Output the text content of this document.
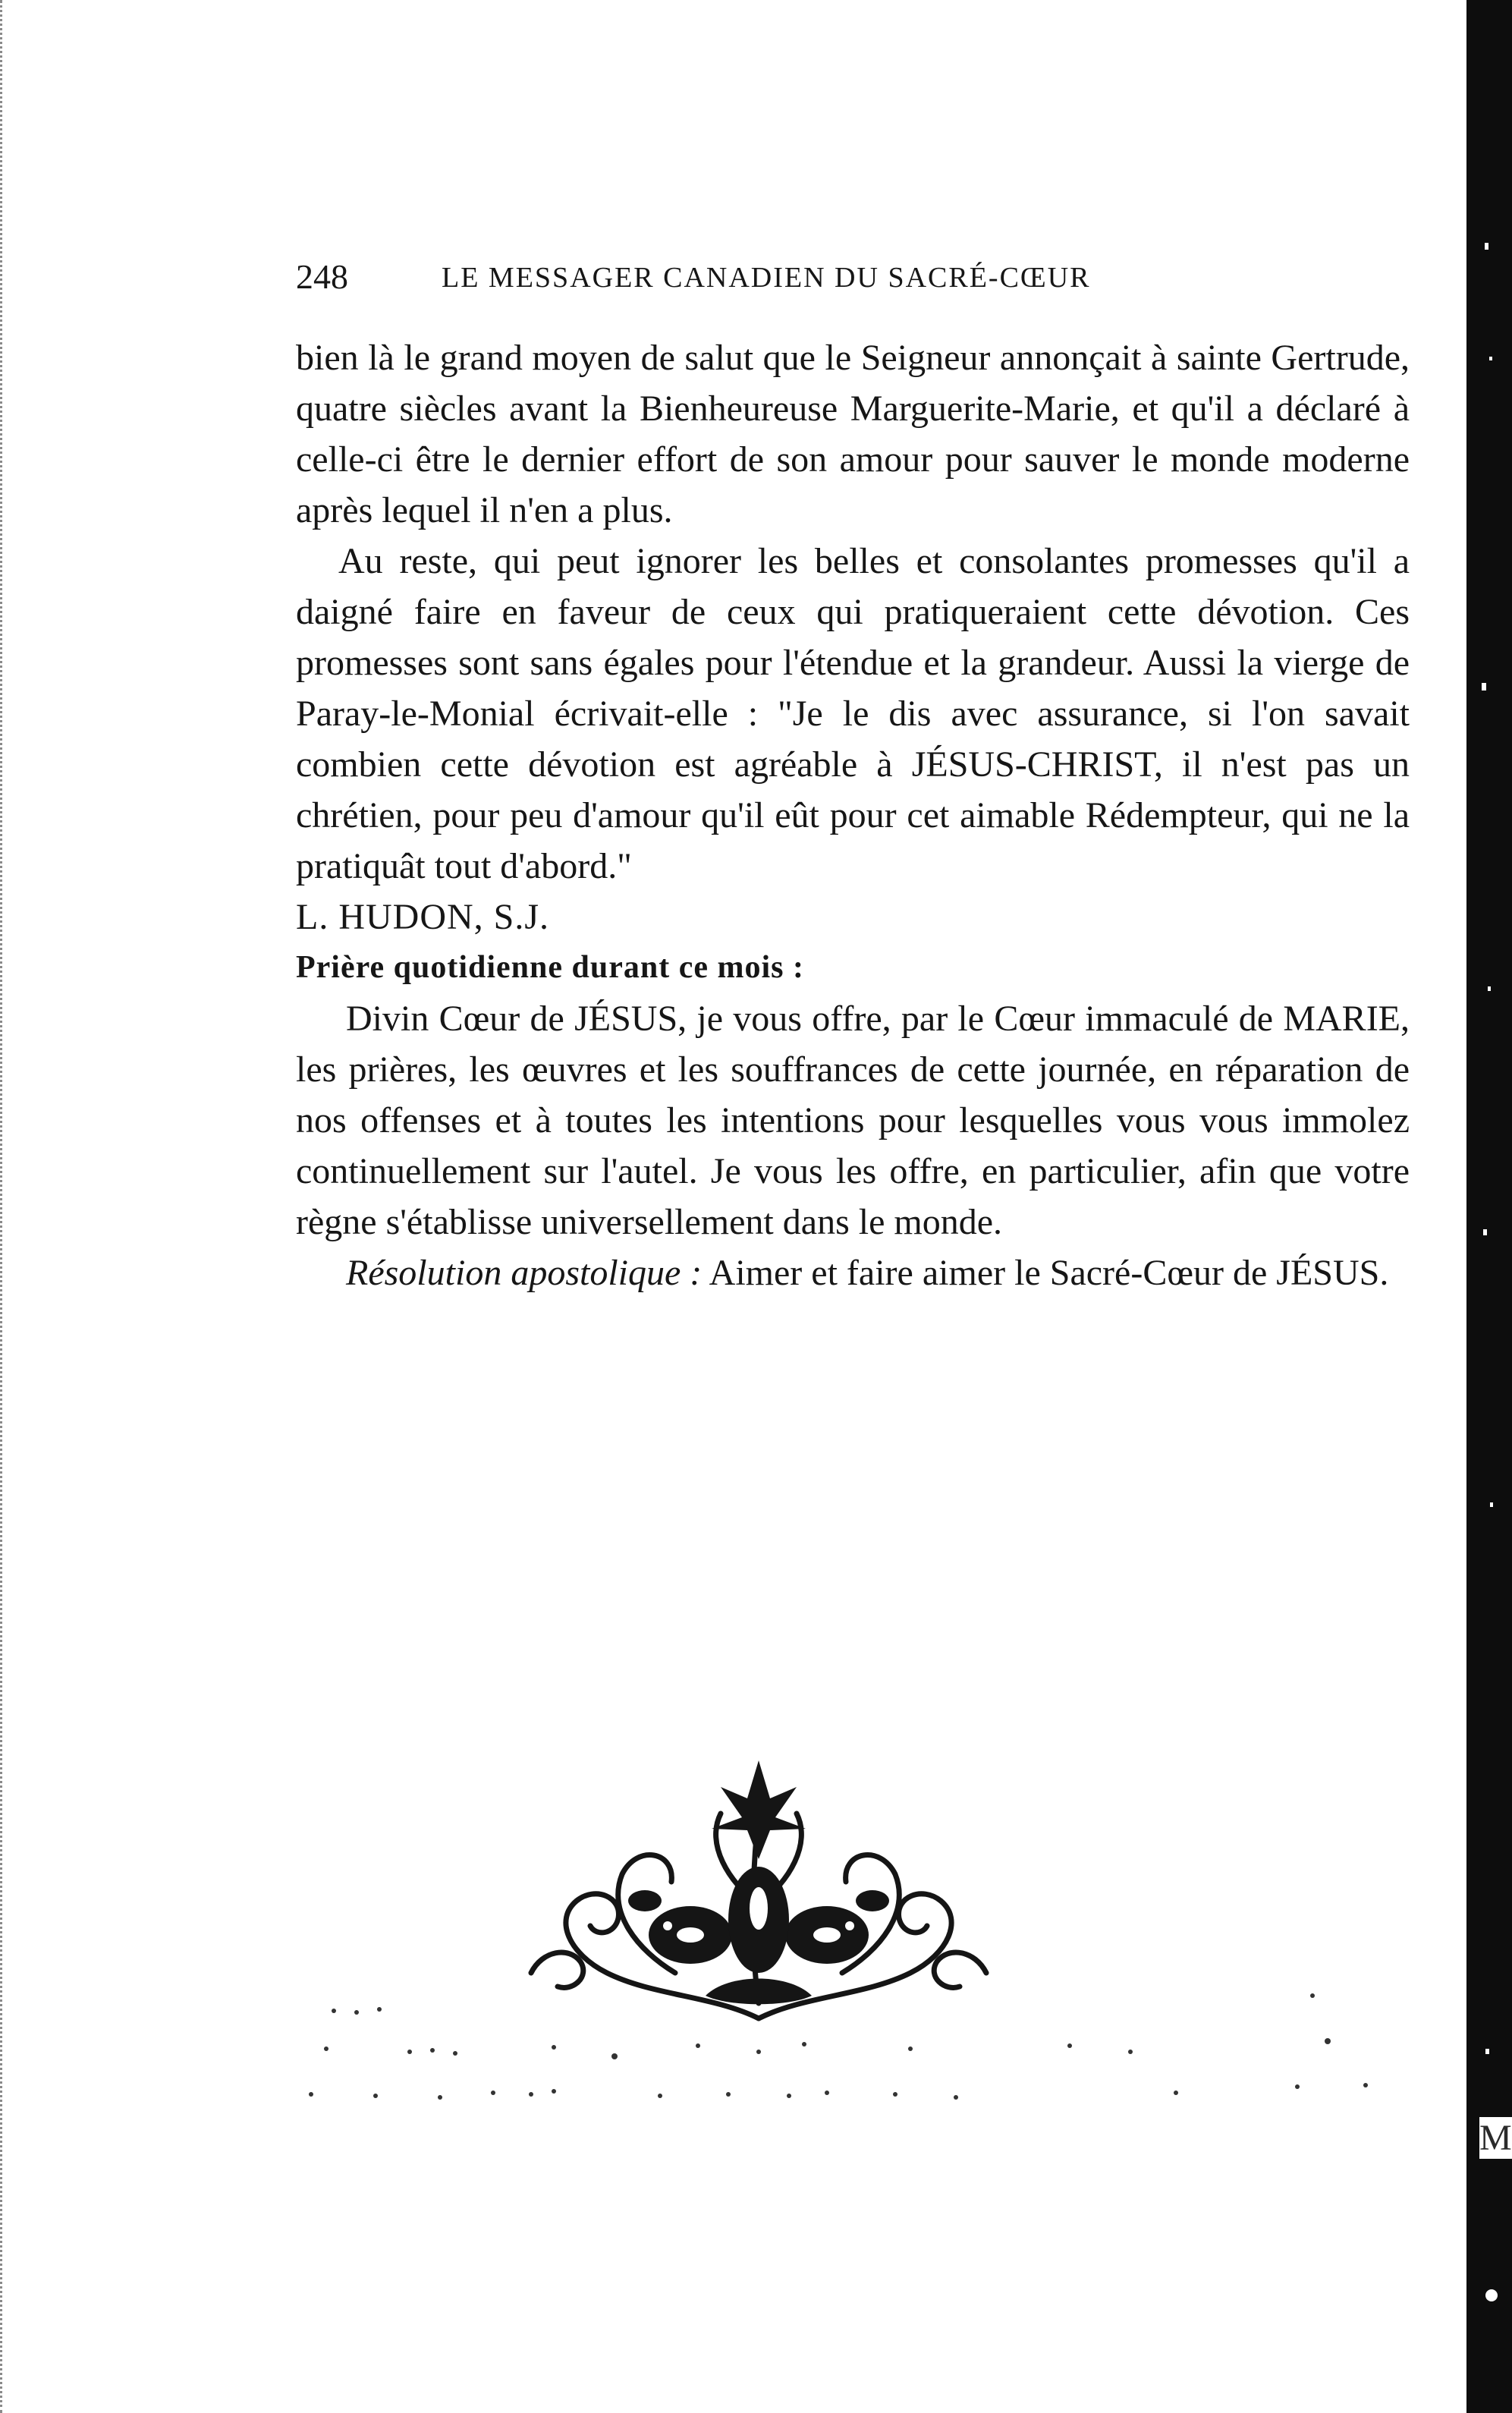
M
248	LE MESSAGER CANADIEN DU SACRÉ-CŒUR

bien là le grand moyen de salut que le Seigneur annonçait à sainte Gertrude, quatre siècles avant la Bienheureuse Marguerite-Marie, et qu'il a déclaré à celle-ci être le dernier effort de son amour pour sauver le monde moderne après lequel il n'en a plus.

Au reste, qui peut ignorer les belles et consolantes promesses qu'il a daigné faire en faveur de ceux qui pratiqueraient cette dévotion. Ces promesses sont sans égales pour l'étendue et la grandeur. Aussi la vierge de Paray-le-Monial écrivait-elle : "Je le dis avec assurance, si l'on savait combien cette dévotion est agréable à JÉSUS-CHRIST, il n'est pas un chrétien, pour peu d'amour qu'il eût pour cet aimable Rédempteur, qui ne la pratiquât tout d'abord."

L. HUDON, S.J.

Prière quotidienne durant ce mois :

Divin Cœur de JÉSUS, je vous offre, par le Cœur immaculé de MARIE, les prières, les œuvres et les souffrances de cette journée, en réparation de nos offenses et à toutes les intentions pour lesquelles vous vous immolez continuellement sur l'autel. Je vous les offre, en particulier, afin que votre règne s'établisse universellement dans le monde.

Résolution apostolique : Aimer et faire aimer le Sacré-Cœur de JÉSUS.
